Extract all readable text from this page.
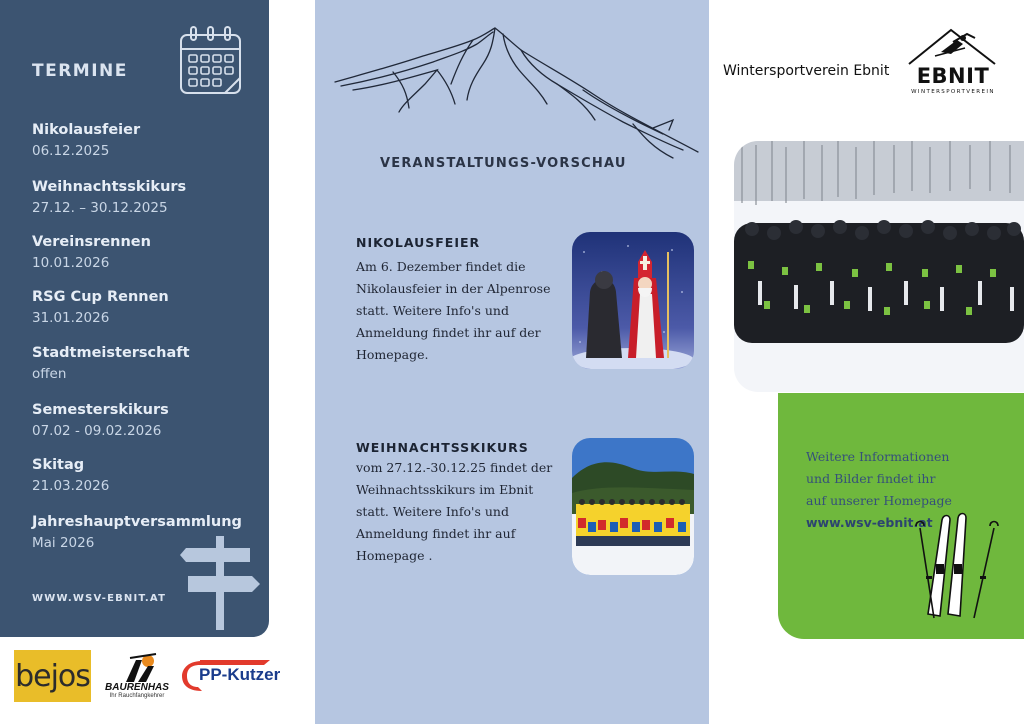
TERMINE
Nikolausfeier
06.12.2025
Weihnachtsskikurs
27.12. – 30.12.2025
Vereinsrennen
10.01.2026
RSG Cup Rennen
31.01.2026
Stadtmeisterschaft
offen
Semesterskikurs
07.02 - 09.02.2026
Skitag
21.03.2026
Jahreshauptversammlung
Mai 2026
WWW.WSV-EBNIT.AT
bejos	BAURENHAS
Ihr Rauchfangkehrer
PP-Kutzer
VERANSTALTUNGS-VORSCHAU
NIKOLAUSFEIER
Am 6. Dezember findet die
Nikolausfeier in der Alpenrose
statt. Weitere Info's und
Anmeldung findet ihr auf der
Homepage.
WEIHNACHTSSKIKURS
vom 27.12.-30.12.25 findet der
Weihnachtsskikurs im Ebnit
statt. Weitere Info's und
Anmeldung findet ihr auf
Homepage .
Wintersportverein Ebnit	EBNIT
WINTERSPORTVEREIN
Weitere Informationen
und Bilder findet ihr
auf unserer Homepage
www.wsv-ebnit.at
